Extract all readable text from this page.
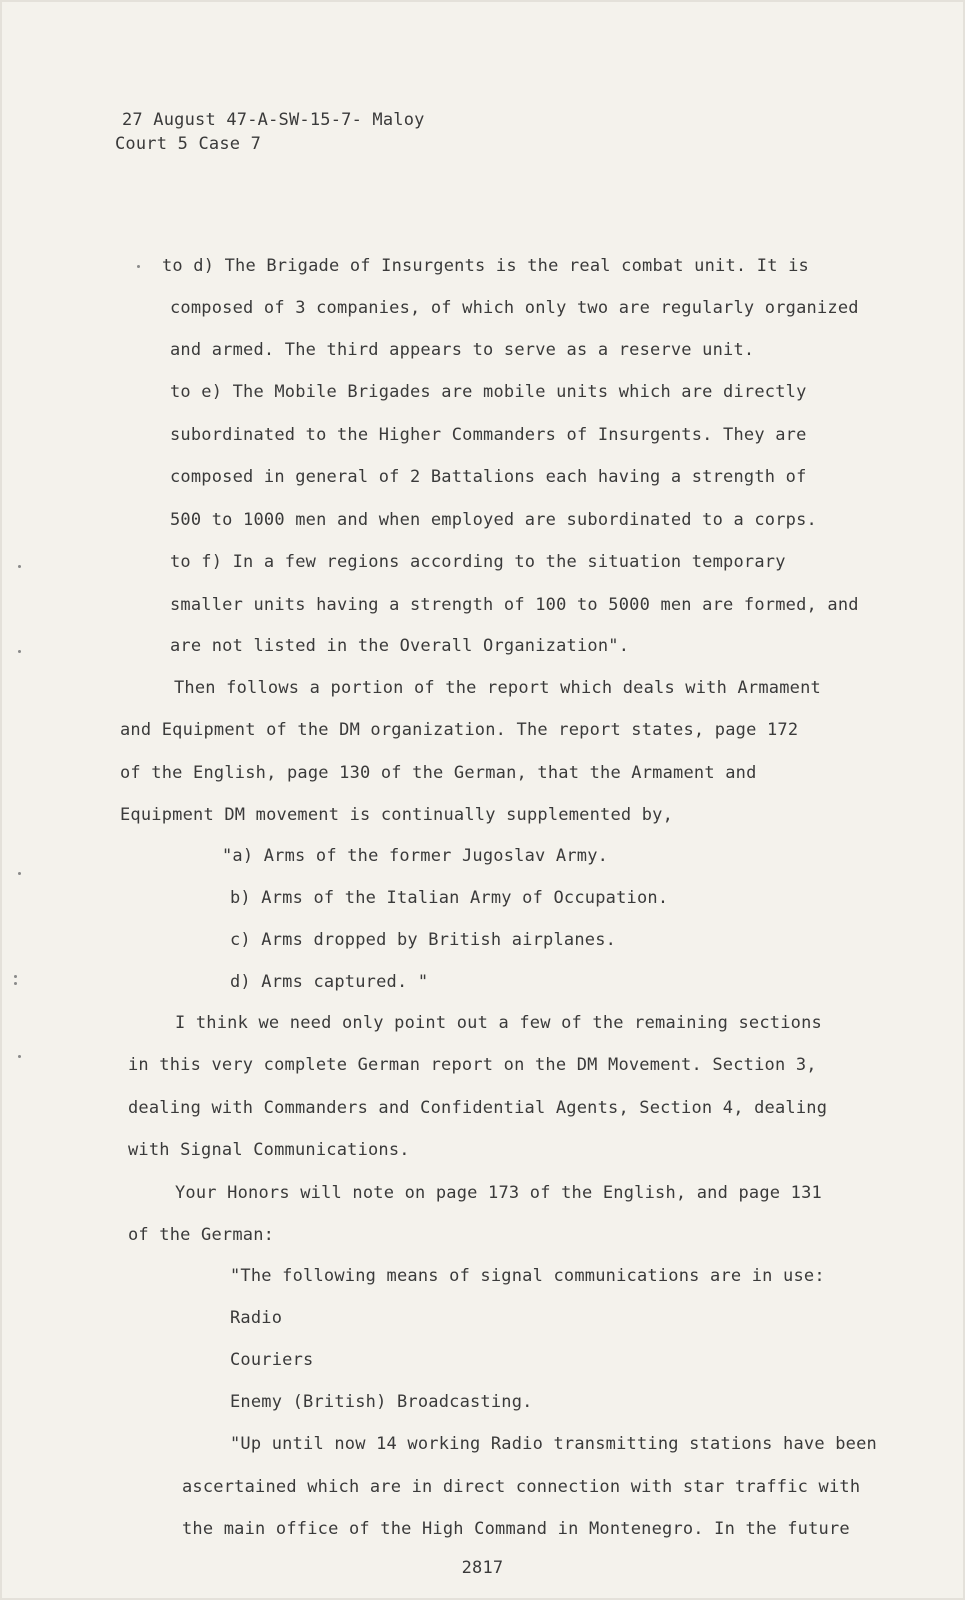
27 August 47-A-SW-15-7- Maloy
Court 5 Case 7
to d) The Brigade of Insurgents is the real combat unit. It is
composed of 3 companies, of which only two are regularly organized
and armed. The third appears to serve as a reserve unit.
to e) The Mobile Brigades are mobile units which are directly
subordinated to the Higher Commanders of Insurgents. They are
composed in general of 2 Battalions each having a strength of
500 to 1000 men and when employed are subordinated to a corps.
to f) In a few regions according to the situation temporary
smaller units having a strength of 100 to 5000 men are formed, and
are not listed in the Overall Organization".
Then follows a portion of the report which deals with Armament
and Equipment of the DM organization. The report states, page 172
of the English, page 130 of the German, that the Armament and
Equipment DM movement is continually supplemented by,
"a) Arms of the former Jugoslav Army.
b) Arms of the Italian Army of Occupation.
c) Arms dropped by British airplanes.
d) Arms captured. "
I think we need only point out a few of the remaining sections
in this very complete German report on the DM Movement. Section 3,
dealing with Commanders and Confidential Agents, Section 4, dealing
with Signal Communications.
Your Honors will note on page 173 of the English, and page 131
of the German:
"The following means of signal communications are in use:
Radio
Couriers
Enemy (British) Broadcasting.
"Up until now 14 working Radio transmitting stations have been
ascertained which are in direct connection with star traffic with
the main office of the High Command in Montenegro. In the future
2817
